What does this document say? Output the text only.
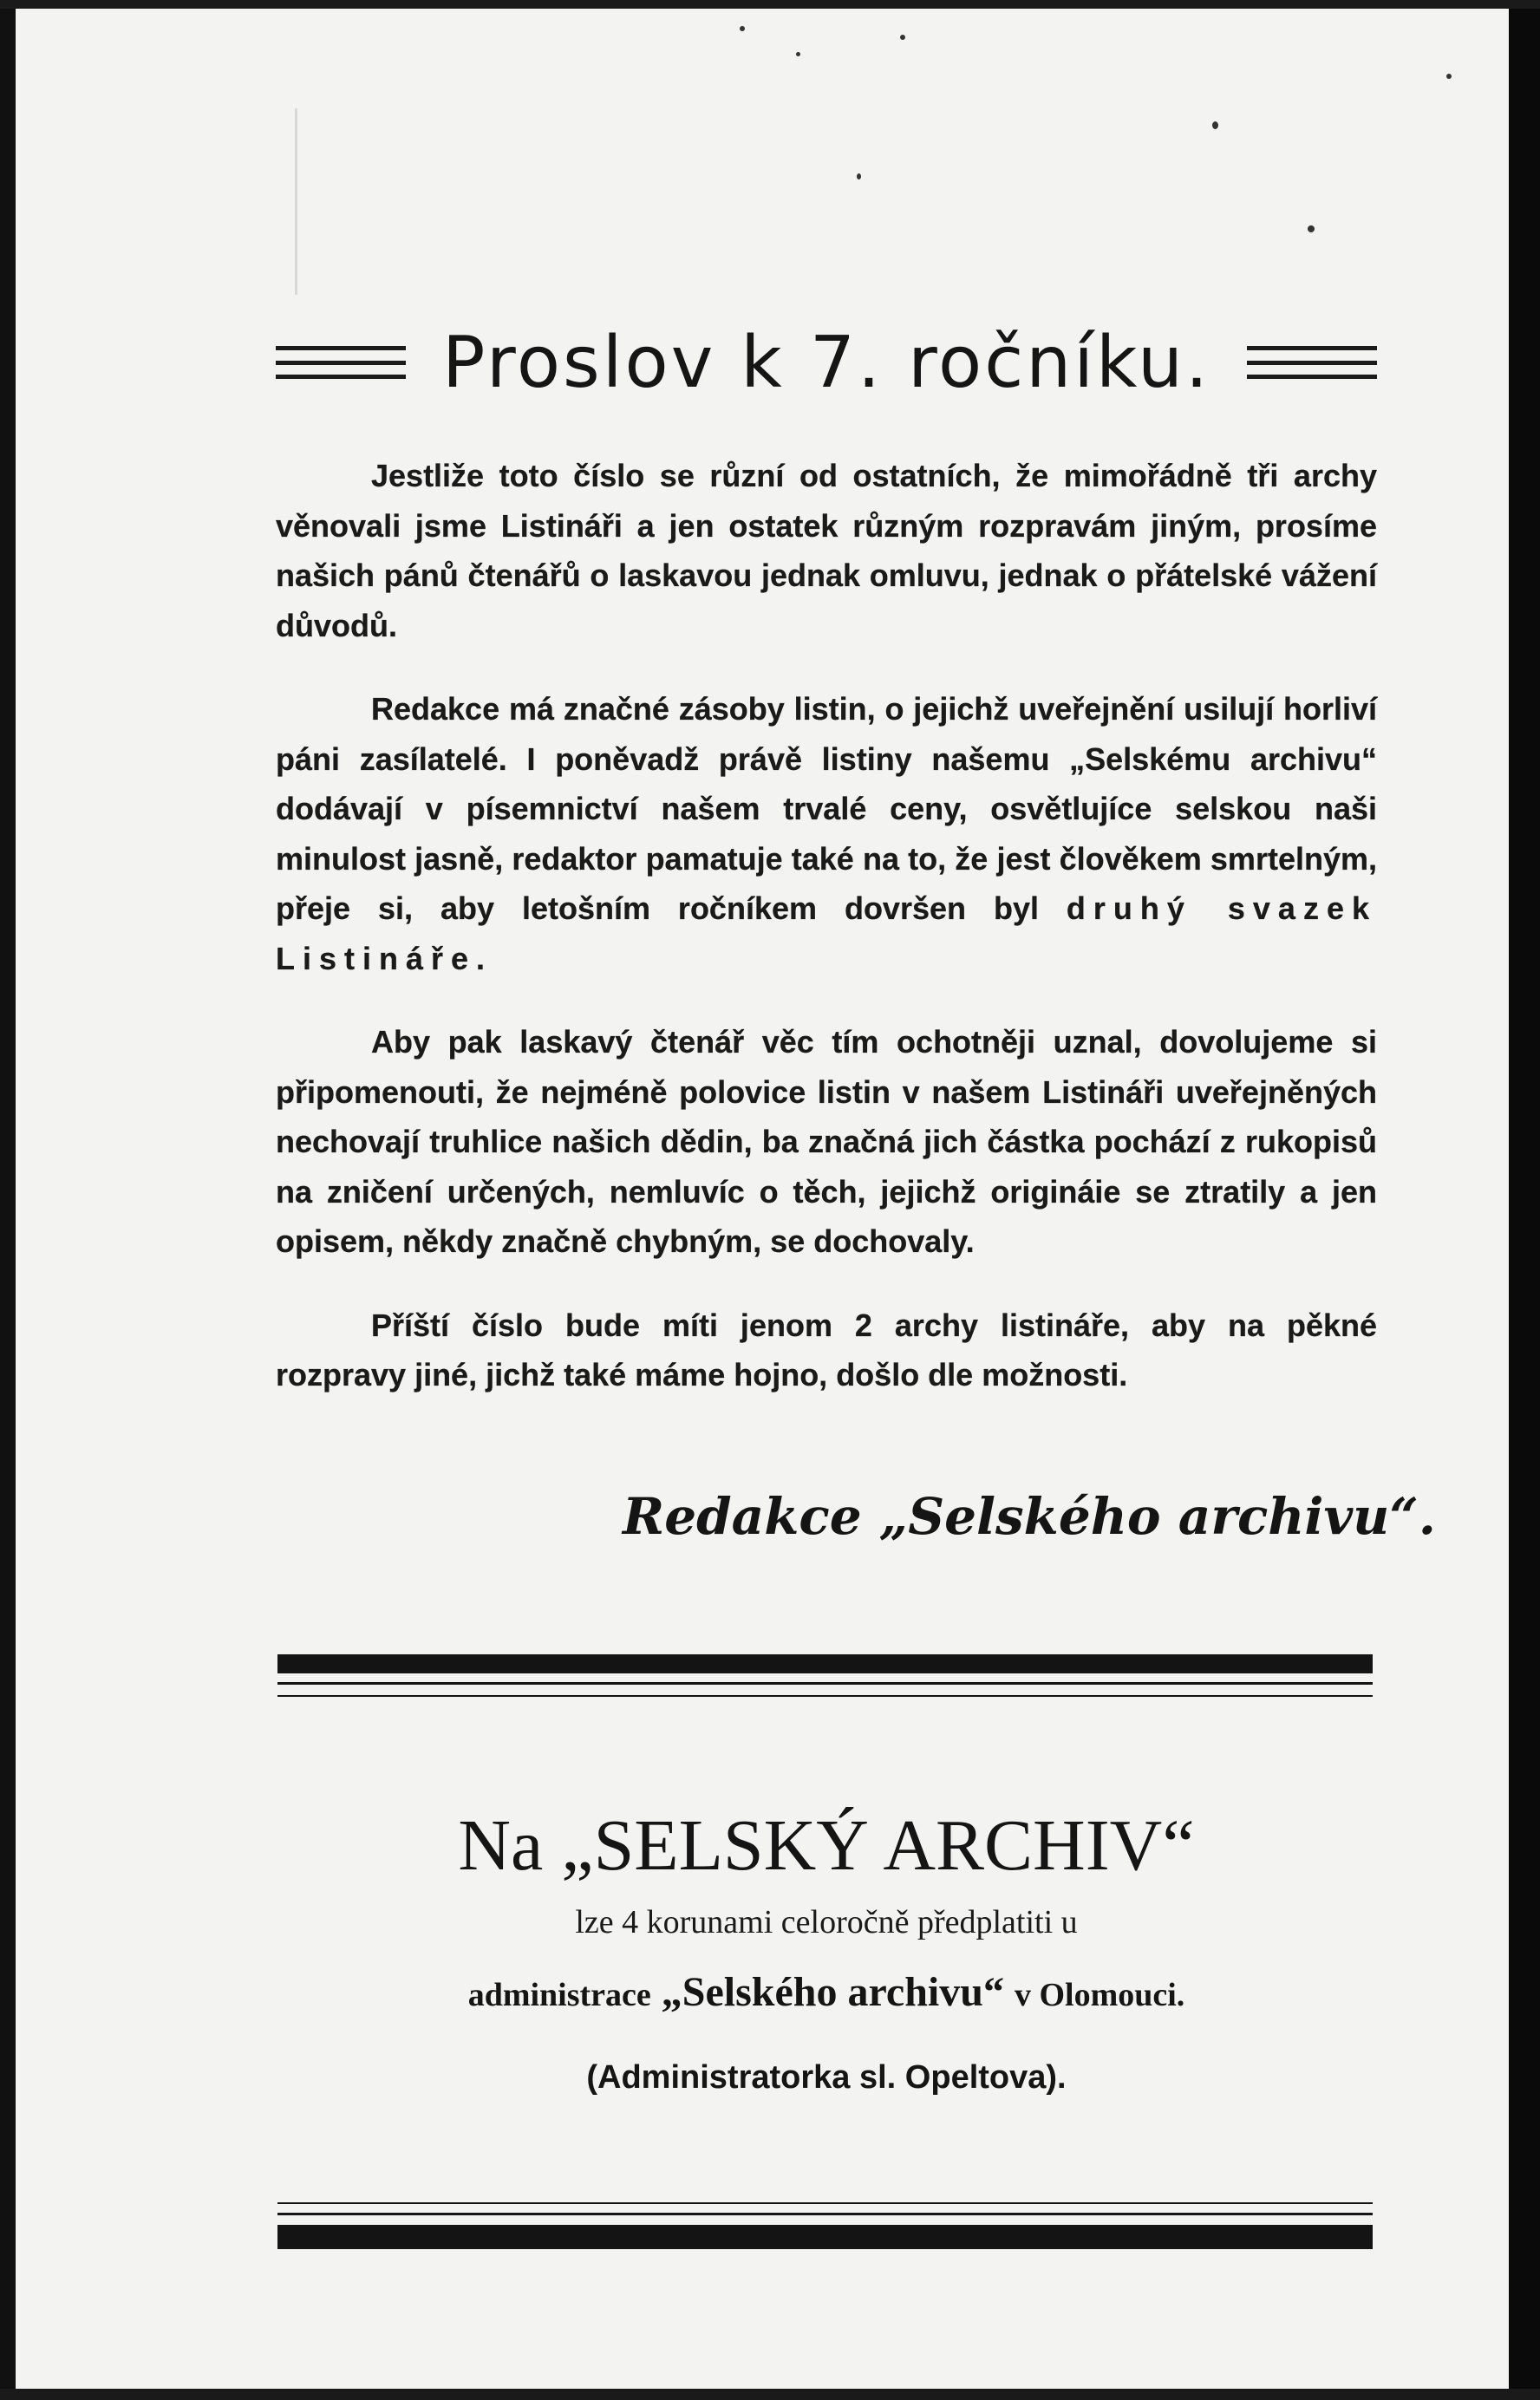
Proslov k 7. ročníku.

Jestliže toto číslo se různí od ostatních, že mimořádně tři archy věnovali jsme Listináři a jen ostatek různým rozpravám jiným, prosíme našich pánů čtenářů o laskavou jednak omluvu, jednak o přátelské vážení důvodů.

Redakce má značné zásoby listin, o jejichž uveřejnění usilují horliví páni zasílatelé. I poněvadž právě listiny našemu „Selskému archivu“ dodávají v písemnictví našem trvalé ceny, osvětlujíce selskou naši minulost jasně, redaktor pamatuje také na to, že jest člověkem smrtelným, přeje si, aby letošním ročníkem dovršen byl druhý svazek Listináře.

Aby pak laskavý čtenář věc tím ochotněji uznal, dovolujeme si připomenouti, že nejméně polovice listin v našem Listináři uveřejněných nechovají truhlice našich dědin, ba značná jich částka pochází z rukopisů na zničení určených, nemluvíc o těch, jejichž origináie se ztratily a jen opisem, někdy značně chybným, se dochovaly.

Příští číslo bude míti jenom 2 archy listináře, aby na pěkné rozpravy jiné, jichž také máme hojno, došlo dle možnosti.

Redakce „Selského archivu“.
Na „SELSKÝ ARCHIV“
lze 4 korunami celoročně předplatiti u
administrace „Selského archivu“ v Olomouci.
(Administratorka sl. Opeltova).
